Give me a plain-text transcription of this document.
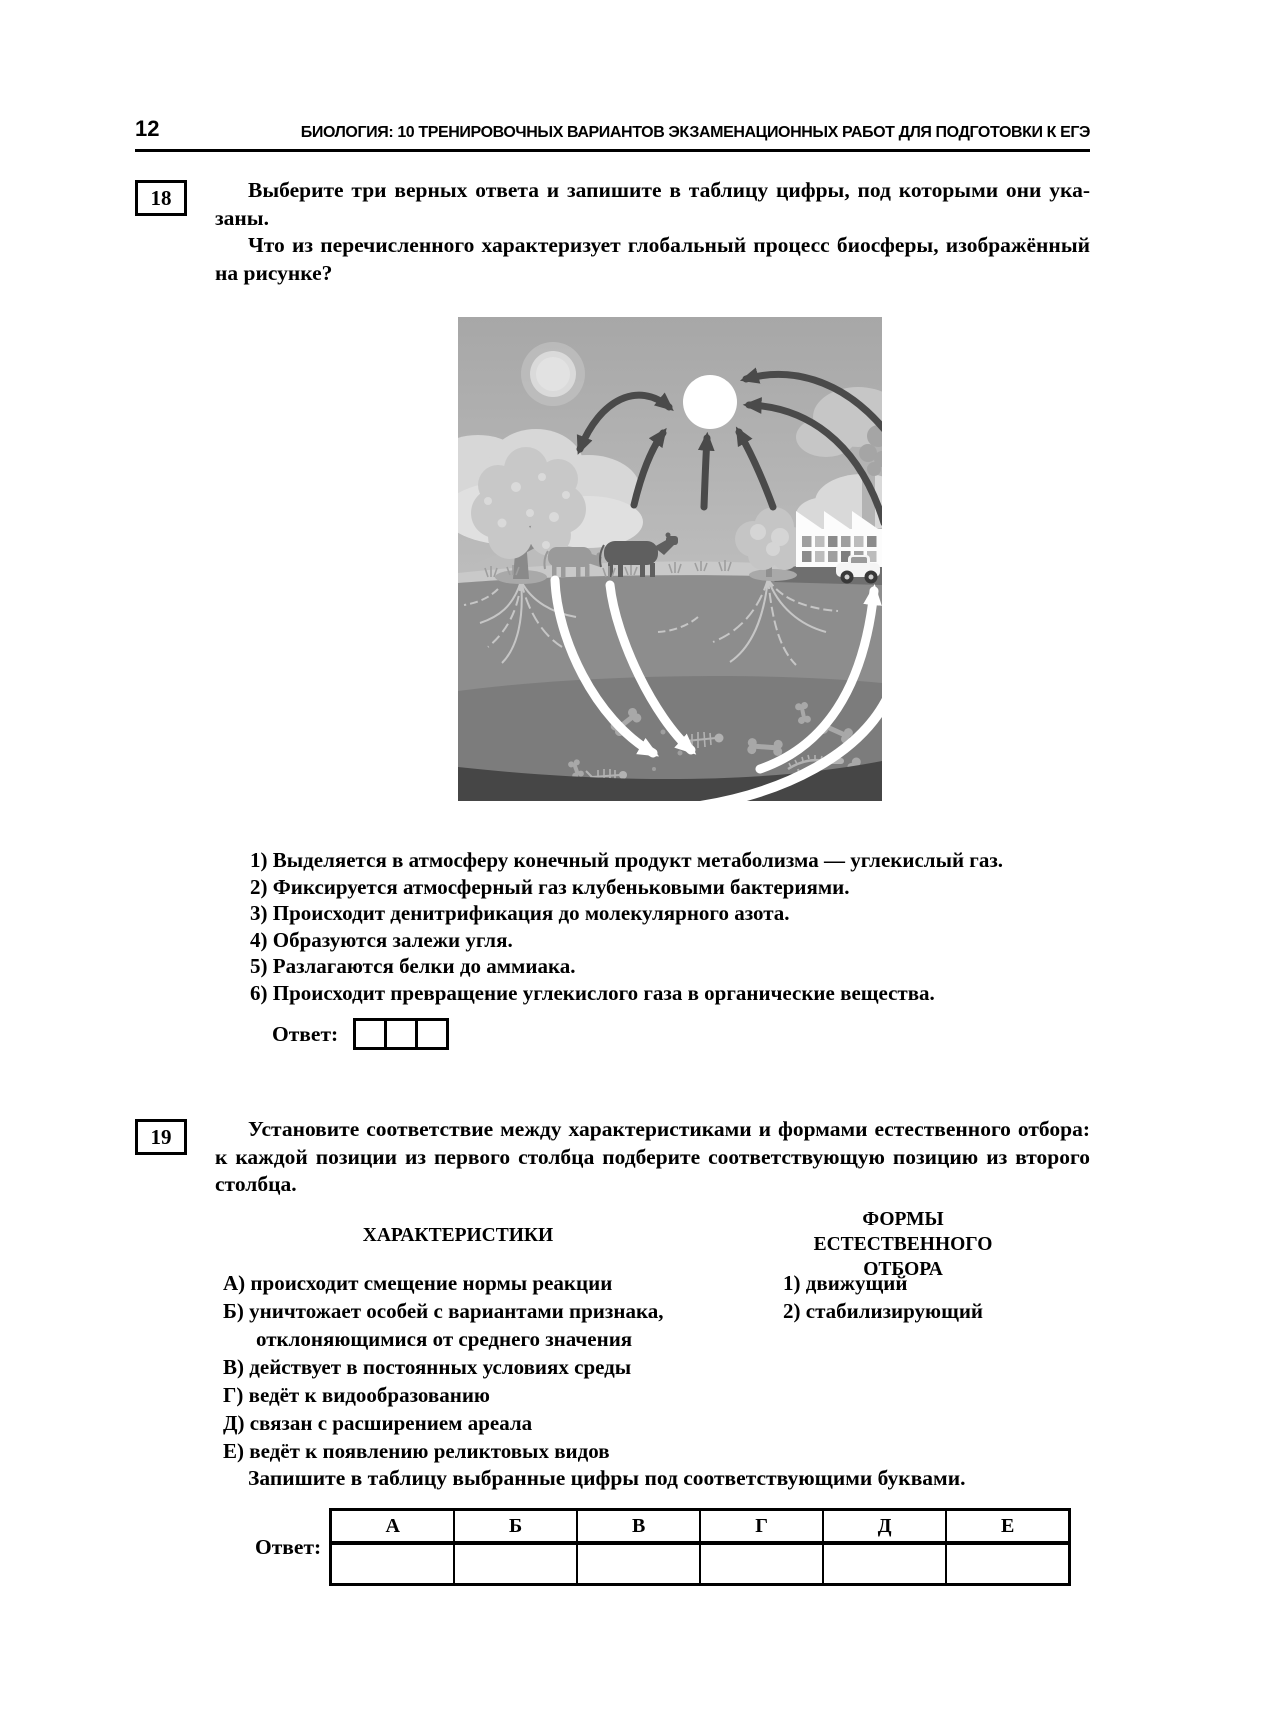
12	БИОЛОГИЯ: 10 ТРЕНИРОВОЧНЫХ ВАРИАНТОВ ЭКЗАМЕНАЦИОННЫХ РАБОТ ДЛЯ ПОДГОТОВКИ К ЕГЭ
18	Выберите три верных ответа и запишите в таблицу цифры, под которыми они указаны.

Что из перечисленного характеризует глобальный процесс биосферы, изображённый на рисунке?

1) Выделяется в атмосферу конечный продукт метаболизма — углекислый газ.
2) Фиксируется атмосферный газ клубеньковыми бактериями.
3) Происходит денитрификация до молекулярного азота.
4) Образуются залежи угля.
5) Разлагаются белки до аммиака.
6) Происходит превращение углекислого газа в органические вещества.
Ответ:
19	Установите соответствие между характеристиками и формами естественного отбора: к каждой позиции из первого столбца подберите соответствующую позицию из второго столбца.

ХАРАКТЕРИСТИКИ
А) происходит смещение нормы реакции
Б) уничтожает особей с вариантами признака, отклоняющимися от среднего значения
В) действует в постоянных условиях среды
Г) ведёт к видообразованию
Д) связан с расширением ареала
Е) ведёт к появлению реликтовых видов
ФОРМЫ ЕСТЕСТВЕННОГО ОТБОРА
1) движущий
2) стабилизирующий

Запишите в таблицу выбранные цифры под соответствующими буквами.

Ответ:
А	Б	В	Г	Д	Е
